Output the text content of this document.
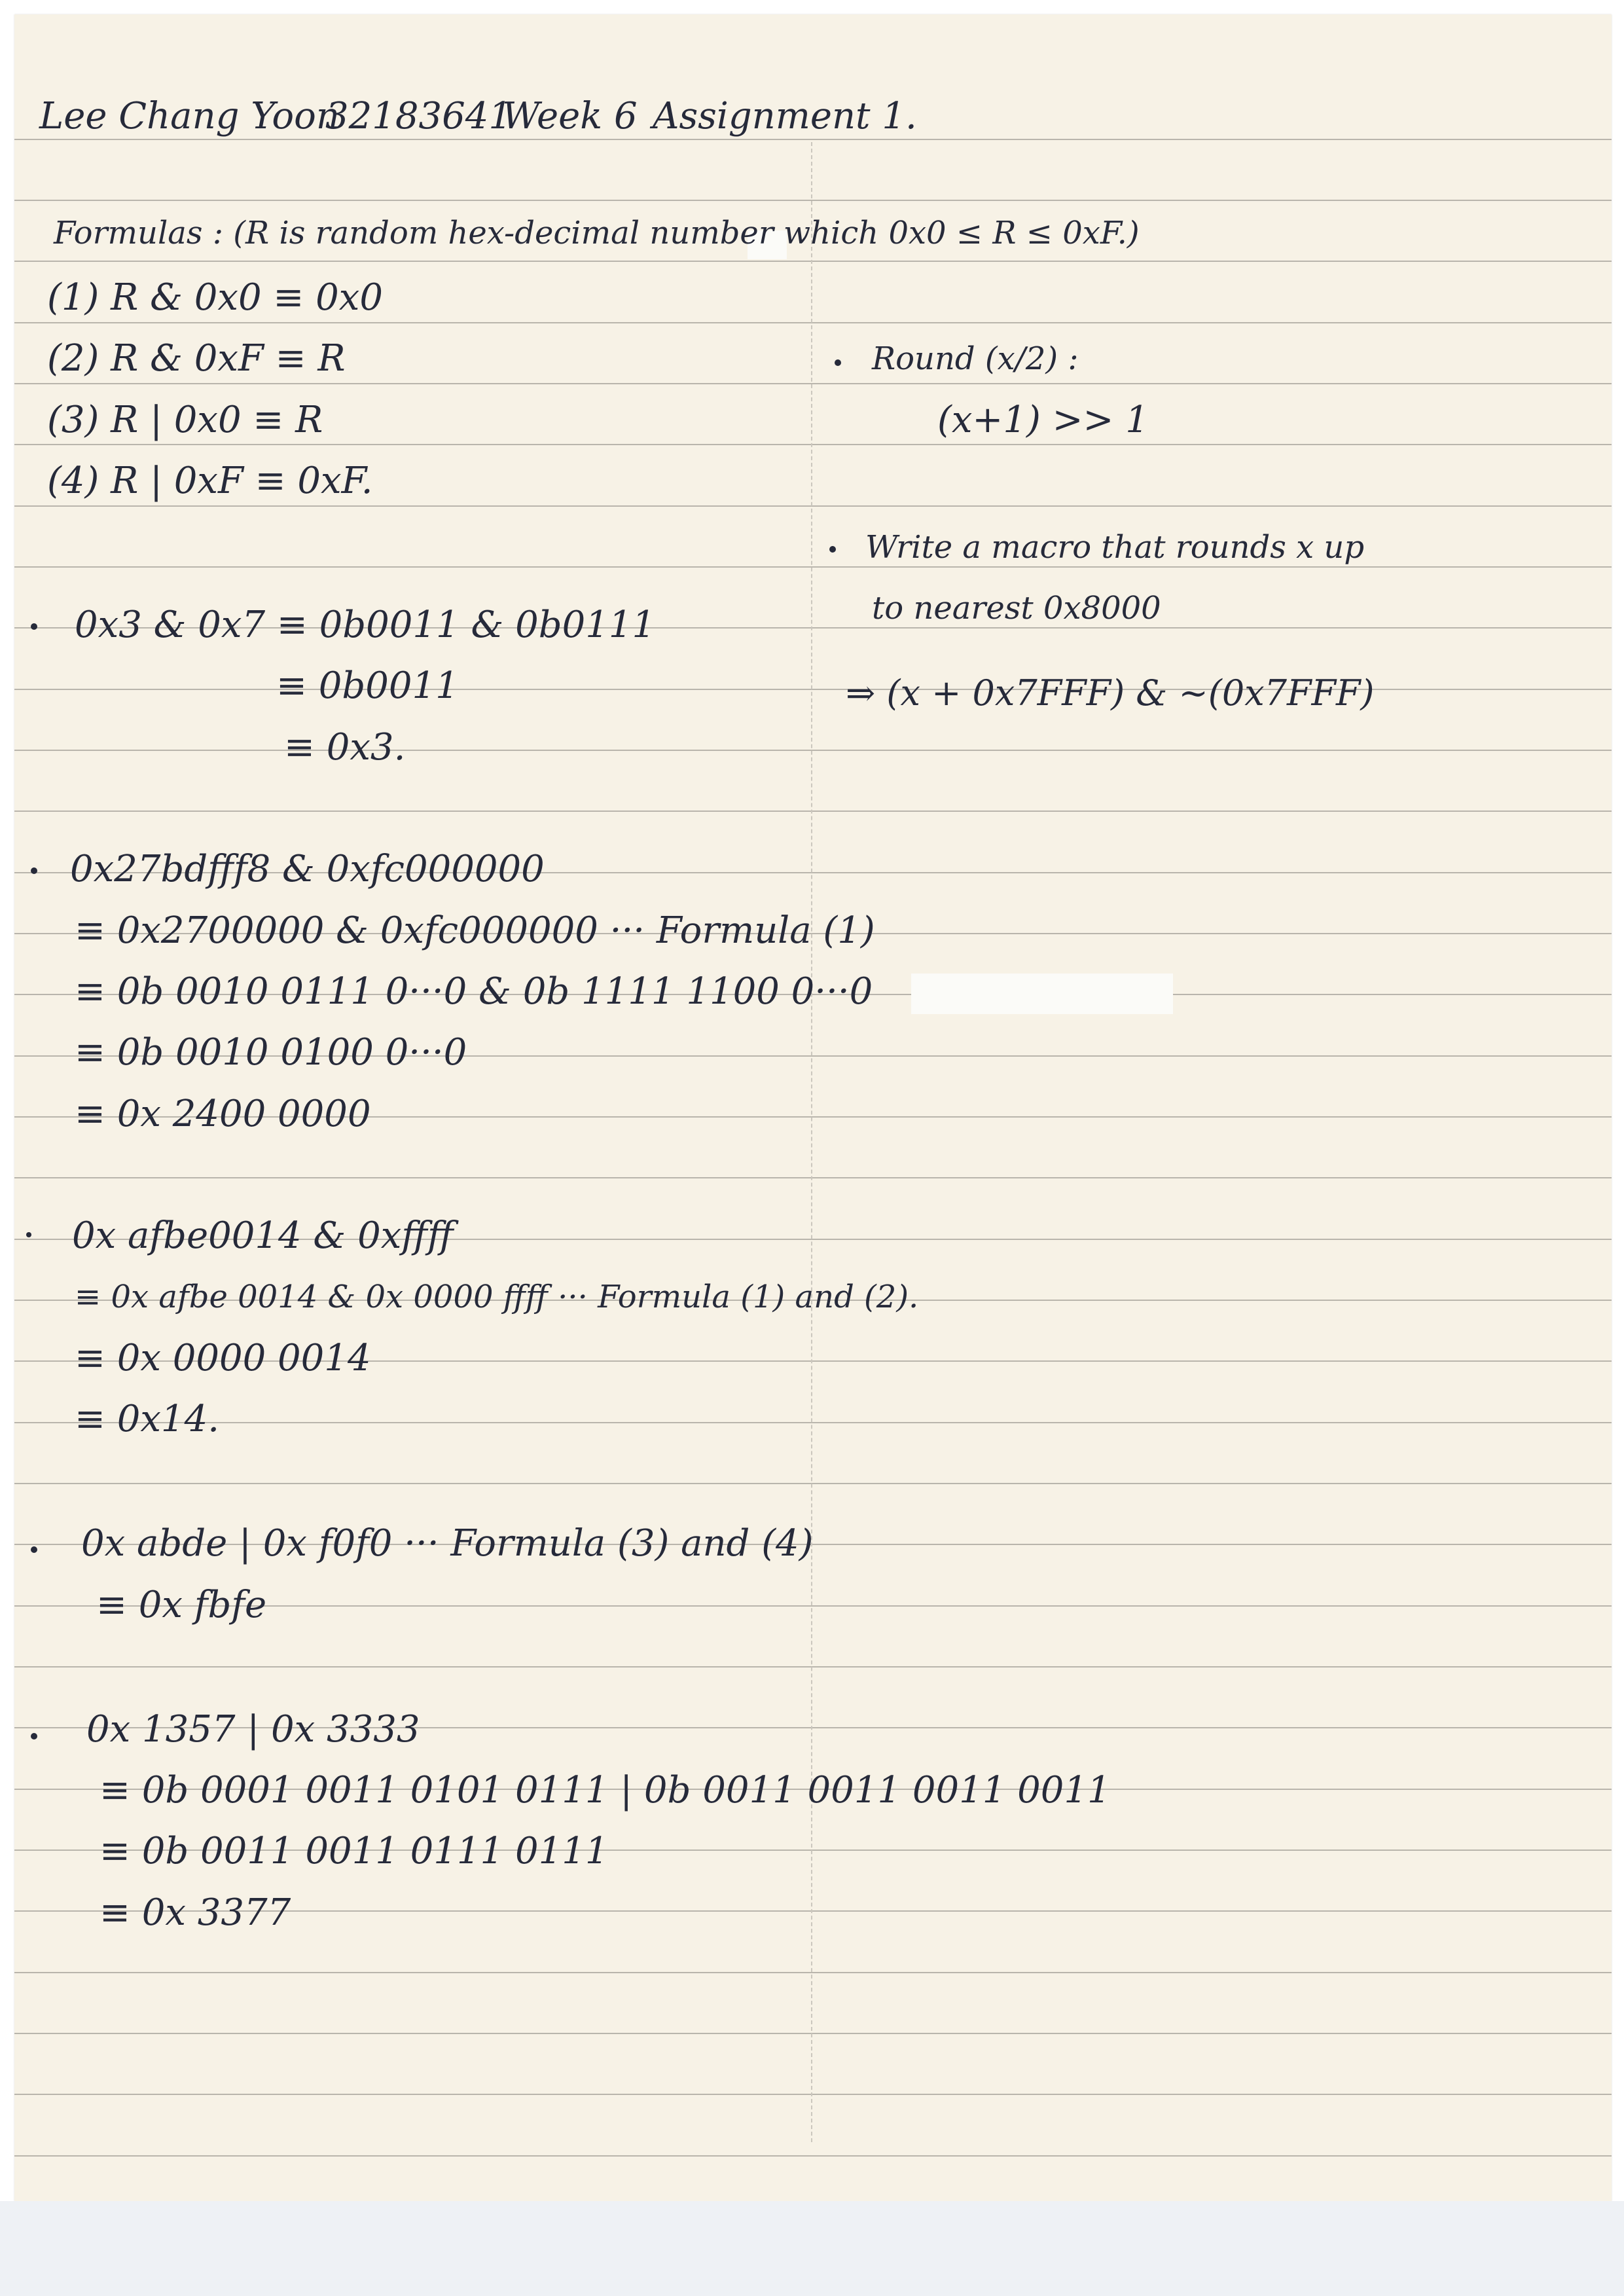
Lee Chang Yoon
32183641
Week 6 Assignment 1.
Formulas : (R is random hex-decimal number which 0x0 ≤ R ≤ 0xF.)
(1) R & 0x0 ≡ 0x0
(2) R & 0xF ≡ R
(3) R | 0x0 ≡ R
(4) R | 0xF ≡ 0xF.
Round (x/2) :
(x+1) >> 1
Write a macro that rounds x up
to nearest 0x8000
⇒ (x + 0x7FFF) & ~(0x7FFF)
0x3 & 0x7 ≡ 0b0011 & 0b0111
≡ 0b0011
≡ 0x3.
0x27bdfff8 & 0xfc000000
≡ 0x2700000 & 0xfc000000 ··· Formula (1)
≡ 0b 0010 0111 0···0 & 0b 1111 1100 0···0
≡ 0b 0010 0100 0···0
≡ 0x 2400 0000
0x afbe0014 & 0xffff
≡ 0x afbe 0014 & 0x 0000 ffff ··· Formula (1) and (2).
≡ 0x 0000 0014
≡ 0x14.
0x abde | 0x f0f0 ··· Formula (3) and (4)
≡ 0x fbfe
0x 1357 | 0x 3333
≡ 0b 0001 0011 0101 0111 | 0b 0011 0011 0011 0011
≡ 0b 0011 0011 0111 0111
≡ 0x 3377
